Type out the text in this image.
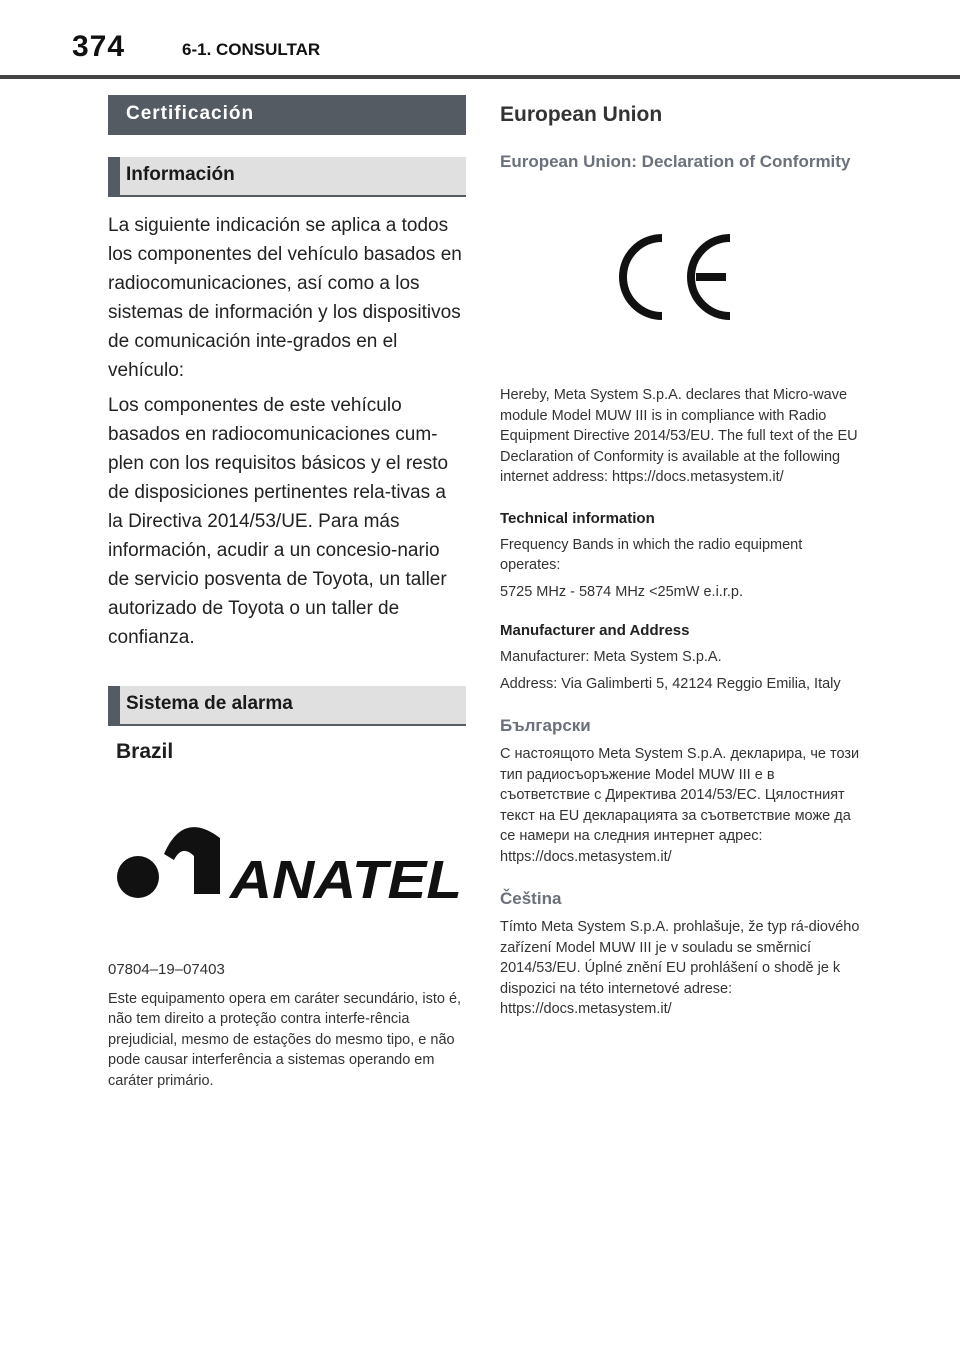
374	6-1. CONSULTAR
Certificación
Información

La siguiente indicación se aplica a todos los componentes del vehículo basados en radiocomunicaciones, así como a los sistemas de información y los dispositivos de comunicación inte-grados en el vehículo:

Los componentes de este vehículo basados en radiocomunicaciones cum-plen con los requisitos básicos y el resto de disposiciones pertinentes rela-tivas a la Directiva 2014/53/UE. Para más información, acudir a un concesio-nario de servicio posventa de Toyota, un taller autorizado de Toyota o un taller de confianza.

Sistema de alarma
Brazil
ANATEL

07804–19–07403

Este equipamento opera em caráter secundário, isto é, não tem direito a proteção contra interfe-rência prejudicial, mesmo de estações do mesmo tipo, e não pode causar interferência a sistemas operando em caráter primário.

European Union
European Union: Declaration of Conformity
CE

Hereby, Meta System S.p.A. declares that Micro-wave module Model MUW III is in compliance with Radio Equipment Directive 2014/53/EU. The full text of the EU Declaration of Conformity is available at the following internet address: https://docs.metasystem.it/

Technical information

Frequency Bands in which the radio equipment operates:

5725 MHz - 5874 MHz <25mW e.i.r.p.

Manufacturer and Address

Manufacturer: Meta System S.p.A.

Address: Via Galimberti 5, 42124 Reggio Emilia, Italy

Български

С настоящото Meta System S.p.A. декларира, че този тип радиосъоръжение Model MUW III е в съответствие с Директива 2014/53/ЕС. Цялостният текст на EU декларацията за съответствие може да се намери на следния интернет адрес: https://docs.metasystem.it/

Čeština

Tímto Meta System S.p.A. prohlašuje, že typ rá-diového zařízení Model MUW III je v souladu se směrnicí 2014/53/EU. Úplné znění EU prohlášení o shodě je k dispozici na této internetové adrese: https://docs.metasystem.it/
